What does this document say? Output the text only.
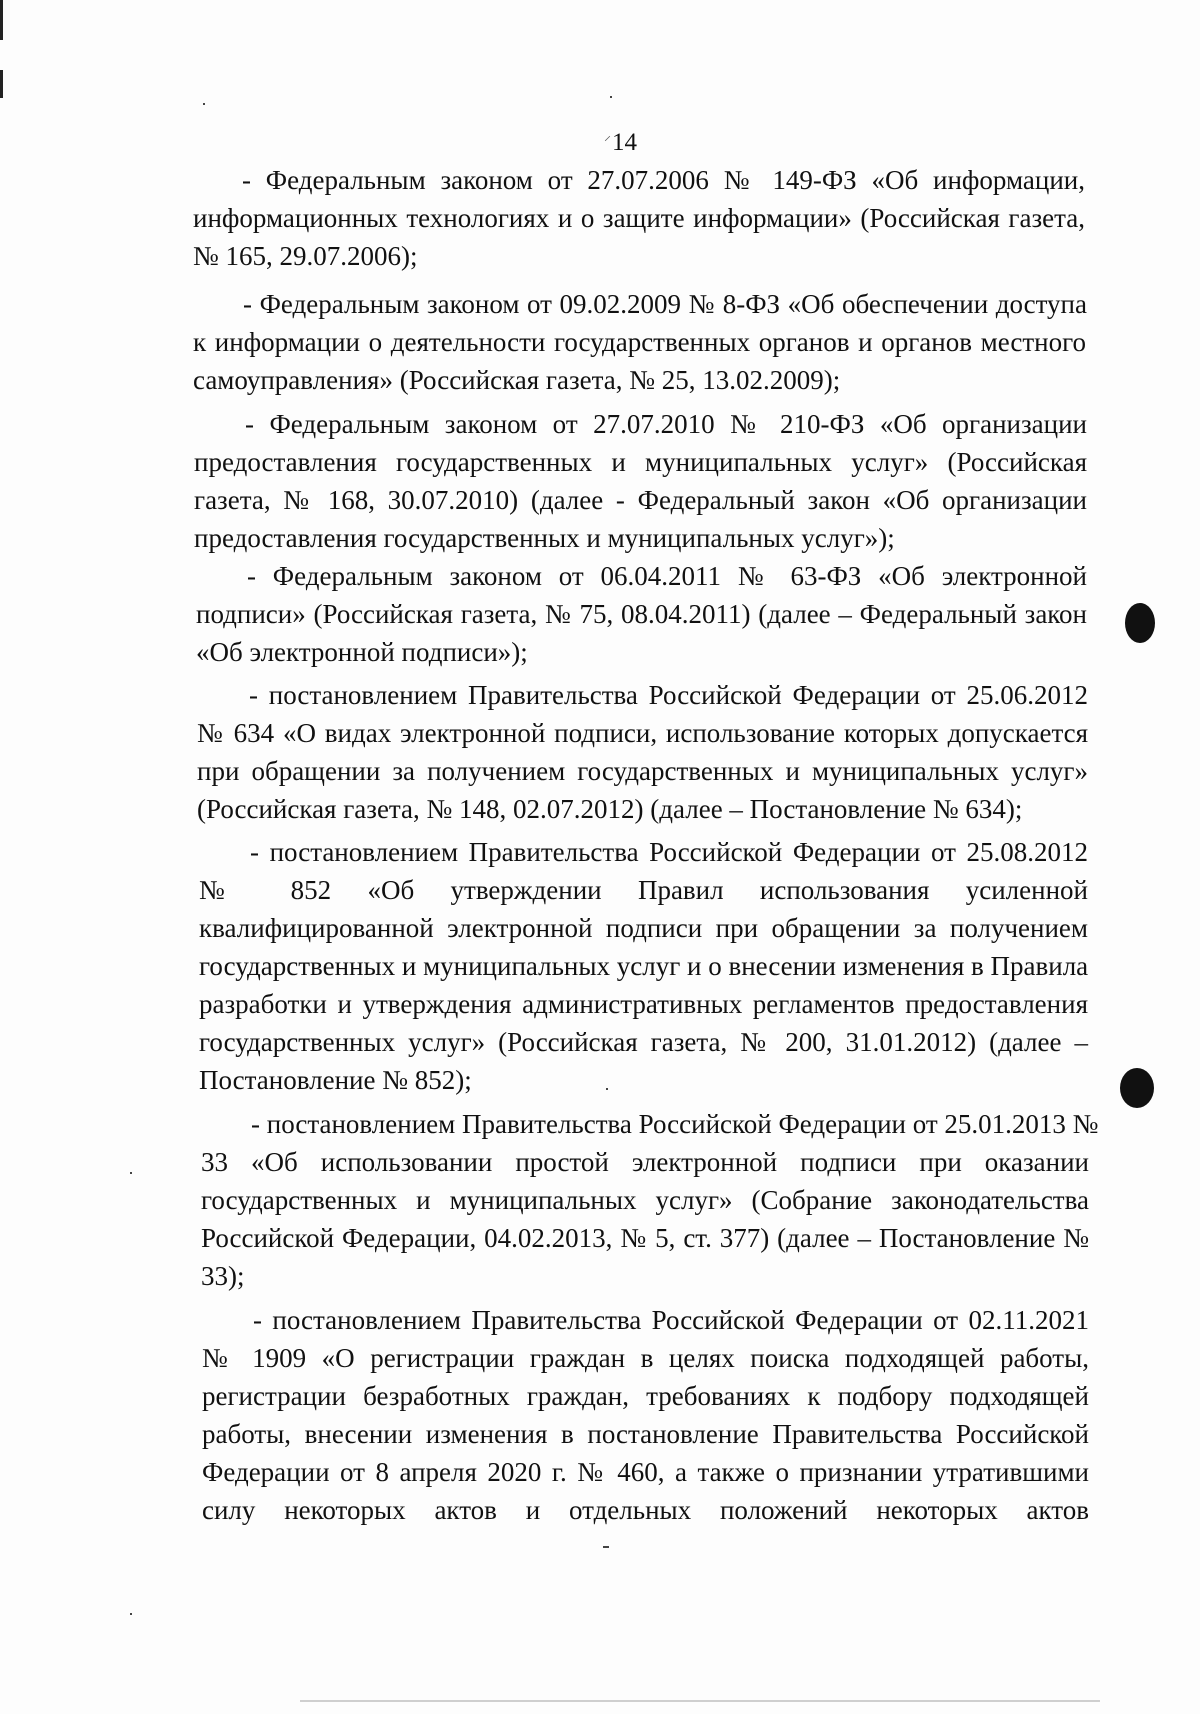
⸝ 14
- Федеральным законом от 27.07.2006 № 149-ФЗ «Об информации,
информационных технологиях и о защите информации» (Российская газета,
№ 165, 29.07.2006);
- Федеральным законом от 09.02.2009 № 8-ФЗ «Об обеспечении доступа
к информации о деятельности государственных органов и органов местного
самоуправления» (Российская газета, № 25, 13.02.2009);
- Федеральным законом от 27.07.2010 № 210-ФЗ «Об организации
предоставления государственных и муниципальных услуг» (Российская
газета, № 168, 30.07.2010) (далее - Федеральный закон «Об организации
предоставления государственных и муниципальных услуг»);
- Федеральным законом от 06.04.2011 № 63-ФЗ «Об электронной
подписи» (Российская газета, № 75, 08.04.2011) (далее – Федеральный закон
«Об электронной подписи»);
- постановлением Правительства Российской Федерации от 25.06.2012
№ 634 «О видах электронной подписи, использование которых допускается
при обращении за получением государственных и муниципальных услуг»
(Российская газета, № 148, 02.07.2012) (далее – Постановление № 634);
- постановлением Правительства Российской Федерации от 25.08.2012
№ 852 «Об утверждении Правил использования усиленной
квалифицированной электронной подписи при обращении за получением
государственных и муниципальных услуг и о внесении изменения в Правила
разработки и утверждения административных регламентов предоставления
государственных услуг» (Российская газета, № 200, 31.01.2012) (далее –
Постановление № 852);
- постановлением Правительства Российской Федерации от 25.01.2013 №
33 «Об использовании простой электронной подписи при оказании
государственных и муниципальных услуг» (Собрание законодательства
Российской Федерации, 04.02.2013, № 5, ст. 377) (далее – Постановление №
33);
- постановлением Правительства Российской Федерации от 02.11.2021
№ 1909 «О регистрации граждан в целях поиска подходящей работы,
регистрации безработных граждан, требованиях к подбору подходящей
работы, внесении изменения в постановление Правительства Российской
Федерации от 8 апреля 2020 г. № 460, а также о признании утратившими
силу некоторых актов и отдельных положений некоторых актов
